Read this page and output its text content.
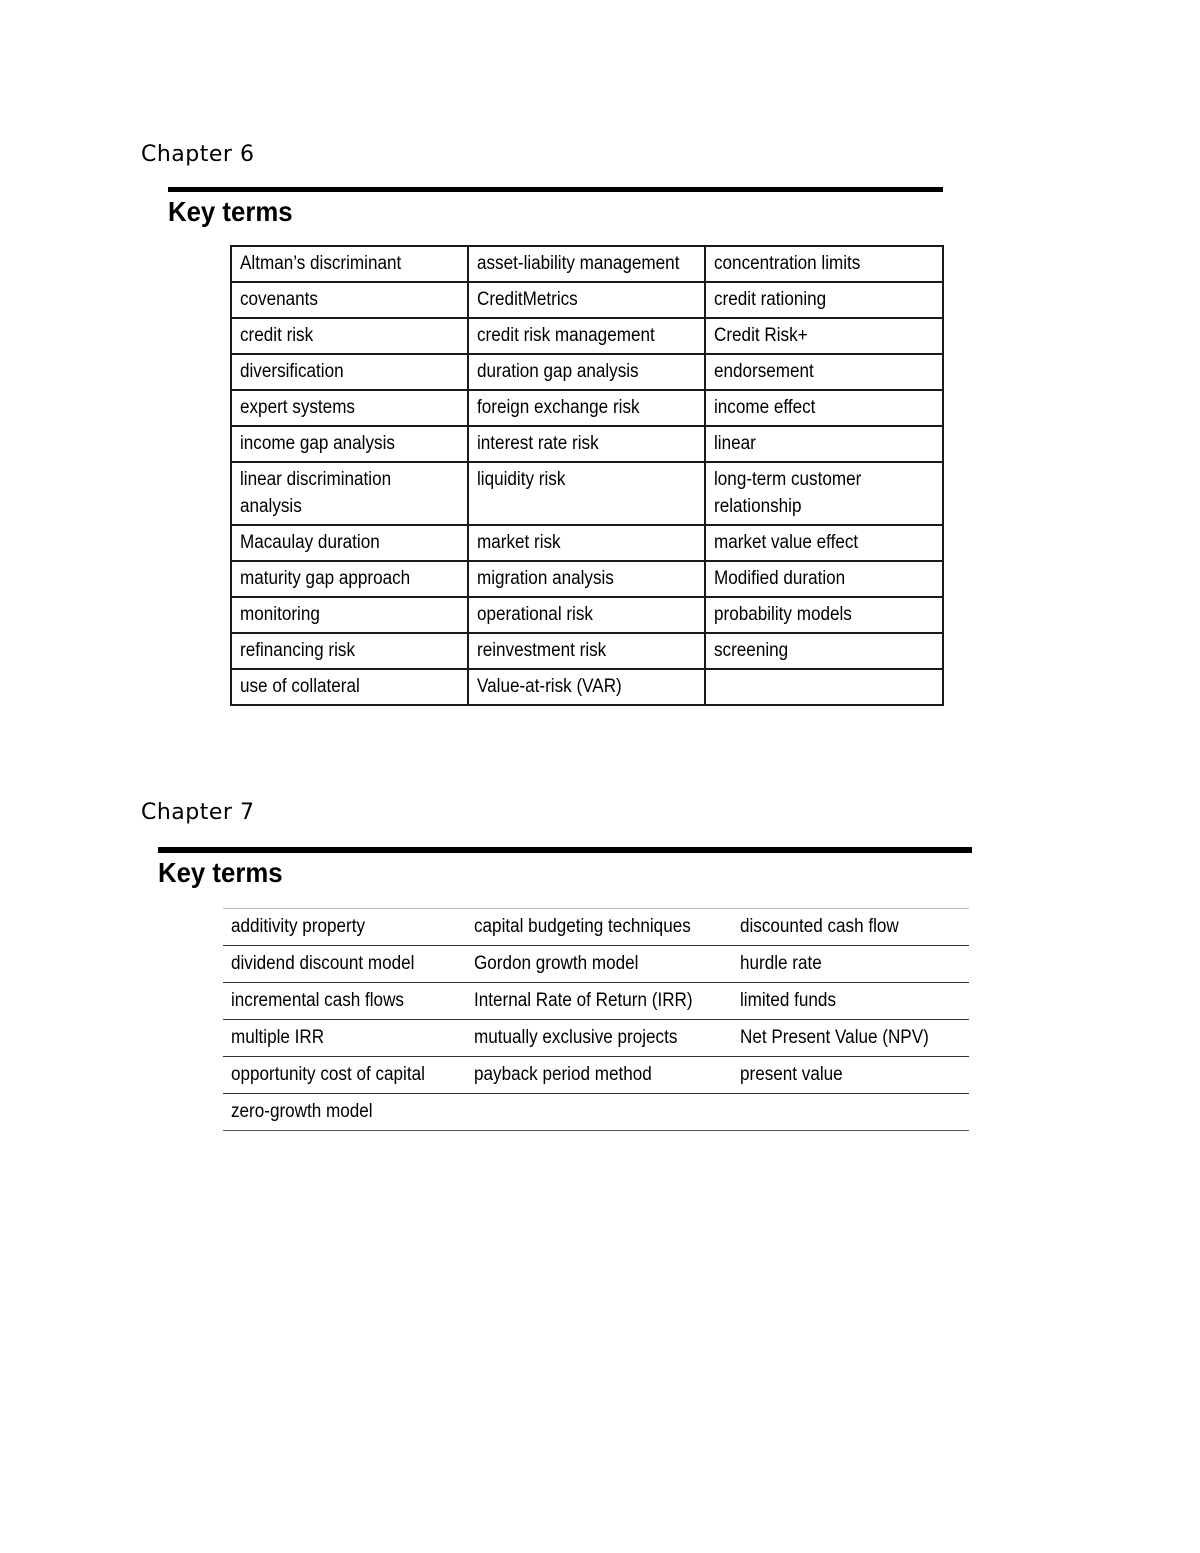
Chapter 6
Key terms
Altman’s discriminant	asset-liability management	concentration limits
covenants	CreditMetrics	credit rationing
credit risk	credit risk management	Credit Risk+
diversification	duration gap analysis	endorsement
expert systems	foreign exchange risk	income effect
income gap analysis	interest rate risk	linear
linear discrimination analysis	liquidity risk	long-term customer relationship
Macaulay duration	market risk	market value effect
maturity gap approach	migration analysis	Modified duration
monitoring	operational risk	probability models
refinancing risk	reinvestment risk	screening
use of collateral	Value-at-risk (VAR)	
Chapter 7
Key terms
additivity property	capital budgeting techniques	discounted cash flow
dividend discount model	Gordon growth model	hurdle rate
incremental cash flows	Internal Rate of Return (IRR)	limited funds
multiple IRR	mutually exclusive projects	Net Present Value (NPV)
opportunity cost of capital	payback period method	present value
zero-growth model		
